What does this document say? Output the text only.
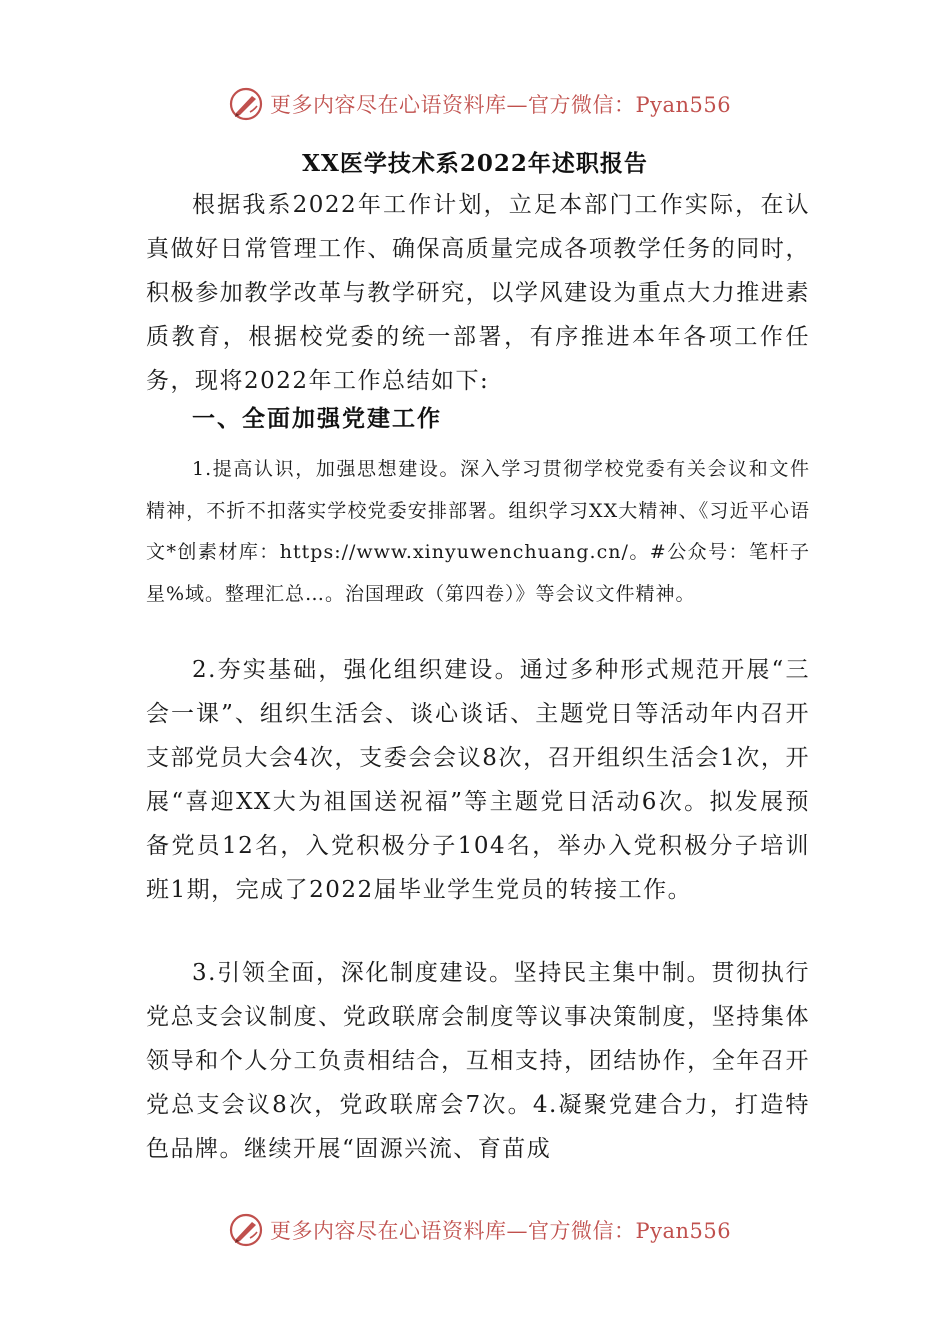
更多内容尽在心语资料库—官方微信：Pyan556
XX医学技术系2022年述职报告

根据我系2022年工作计划，立足本部门工作实际，在认真做好日常管理工作、确保高质量完成各项教学任务的同时，积极参加教学改革与教学研究，以学风建设为重点大力推进素质教育，根据校党委的统一部署，有序推进本年各项工作任务，现将2022年工作总结如下:

一、全面加强党建工作

1.提高认识，加强思想建设。深入学习贯彻学校党委有关会议和文件精神，不折不扣落实学校党委安排部署。组织学习XX大精神、《习近平心语文*创素材库：https://www.xinyuwenchuang.cn/。#公众号：笔杆子星%域。整理汇总…。治国理政（第四卷）》等会议文件精神。

2.夯实基础，强化组织建设。通过多种形式规范开展“三会一课”、组织生活会、谈心谈话、主题党日等活动年内召开支部党员大会4次，支委会会议8次，召开组织生活会1次，开展“喜迎XX大为祖国送祝福”等主题党日活动6次。拟发展预备党员12名，入党积极分子104名，举办入党积极分子培训班1期，完成了2022届毕业学生党员的转接工作。

3.引领全面，深化制度建设。坚持民主集中制。贯彻执行党总支会议制度、党政联席会制度等议事决策制度，坚持集体领导和个人分工负责相结合，互相支持，团结协作，全年召开党总支会议8次，党政联席会7次。4.凝聚党建合力，打造特色品牌。继续开展“固源兴流、育苗成

更多内容尽在心语资料库—官方微信：Pyan556
